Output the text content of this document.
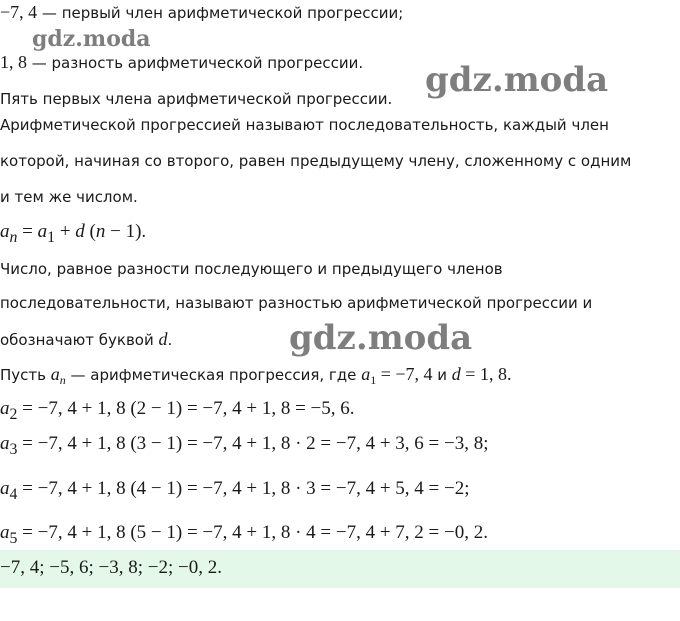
−7, 4 — первый член арифметической прогрессии;
1, 8 — разность арифметической прогрессии.
Пять первых члена арифметической прогрессии.
Арифметической прогрессией называют последовательность, каждый член
которой, начиная со второго, равен предыдущему члену, сложенному с одним
и тем же числом.
$a_n = a_1 + d$ (n − 1).
Число, равное разности последующего и предыдущего членов
последовательности, называют разностью арифметической прогрессии и
обозначают буквой d.
Пусть $a_n$ — арифметическая прогрессия, где $a_1 = -7$, 4 и d = 1, 8.
$a_2 = -7$, 4 + 1, 8 (2 − 1) = −7, 4 + 1, 8 = −5, 6.
$a_3 = -7$, 4 + 1, 8 (3 − 1) = −7, 4 + 1, 8 · 2 = −7, 4 + 3, 6 = −3, 8;
$a_4 = -7$, 4 + 1, 8 (4 − 1) = −7, 4 + 1, 8 · 3 = −7, 4 + 5, 4 = −2;
$a_5 = -7$, 4 + 1, 8 (5 − 1) = −7, 4 + 1, 8 · 4 = −7, 4 + 7, 2 = −0, 2.
−7, 4; −5, 6; −3, 8; −2; −0, 2.
gdz.moda
gdz.moda
gdz.moda
